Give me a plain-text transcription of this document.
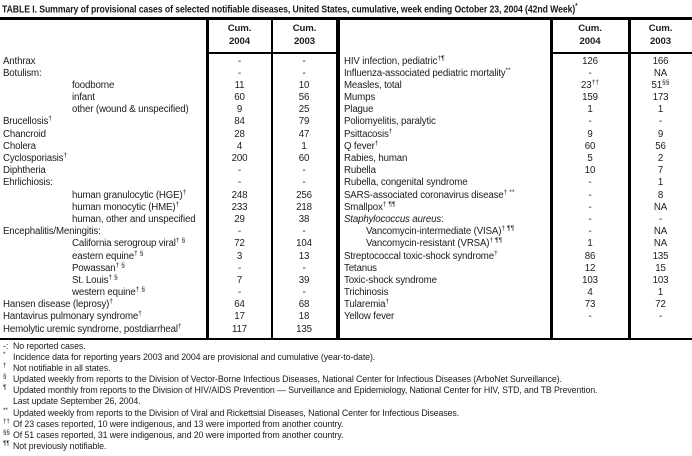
TABLE I. Summary of provisional cases of selected notifiable diseases, United States, cumulative, week ending October 23, 2004 (42nd Week)*
Cum.
2004
Cum.
2003
Cum.
2004
Cum.
2003
Anthrax	-	-
Botulism:	-	-
foodborne	11	10
infant	60	56
other (wound & unspecified)	9	25
Brucellosis†	84	79
Chancroid	28	47
Cholera	4	1
Cyclosporiasis†	200	60
Diphtheria	-	-
Ehrlichiosis:	-	-
human granulocytic (HGE)†	248	256
human monocytic (HME)†	233	218
human, other and unspecified	29	38
Encephalitis/Meningitis:	-	-
California serogroup viral† §	72	104
eastern equine† §	3	13
Powassan† §	-	-
St. Louis† §	7	39
western equine† §	-	-
Hansen disease (leprosy)†	64	68
Hantavirus pulmonary syndrome†	17	18
Hemolytic uremic syndrome, postdiarrheal†	117	135
HIV infection, pediatric†¶	126	166
Influenza-associated pediatric mortality**	-	NA
Measles, total	23††	51§§
Mumps	159	173
Plague	1	1
Poliomyelitis, paralytic	-	-
Psittacosis†	9	9
Q fever†	60	56
Rabies, human	5	2
Rubella	10	7
Rubella, congenital syndrome	-	1
SARS-associated coronavirus disease† **	-	8
Smallpox† ¶¶	-	NA
Staphylococcus aureus:	-	-
Vancomycin-intermediate (VISA)† ¶¶	-	NA
Vancomycin-resistant (VRSA)† ¶¶	1	NA
Streptococcal toxic-shock syndrome†	86	135
Tetanus	12	15
Toxic-shock syndrome	103	103
Trichinosis	4	1
Tularemia†	73	72
Yellow fever	-	-
-: No reported cases.
* Incidence data for reporting years 2003 and 2004 are provisional and cumulative (year-to-date).
† Not notifiable in all states.
§ Updated weekly from reports to the Division of Vector-Borne Infectious Diseases, National Center for Infectious Diseases (ArboNet Surveillance).
¶ Updated monthly from reports to the Division of HIV/AIDS Prevention — Surveillance and Epidemiology, National Center for HIV, STD, and TB Prevention.
Last update September 26, 2004.
** Updated weekly from reports to the Division of Viral and Rickettsial Diseases, National Center for Infectious Diseases.
†† Of 23 cases reported, 10 were indigenous, and 13 were imported from another country.
§§ Of 51 cases reported, 31 were indigenous, and 20 were imported from another country.
¶¶ Not previously notifiable.
